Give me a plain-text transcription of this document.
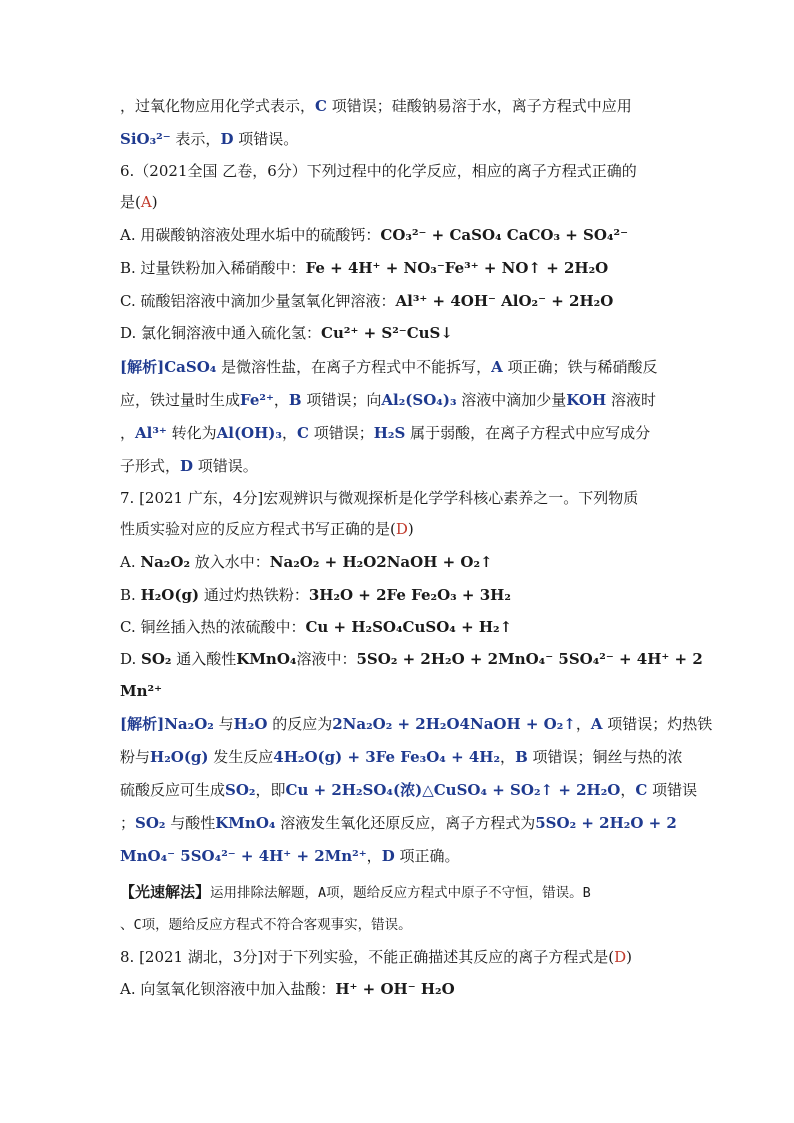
，过氧化物应用化学式表示，C 项错误；硅酸钠易溶于水，离子方程式中应用
SiO₃²⁻ 表示，D 项错误。
6.（2021全国 乙卷，6分）下列过程中的化学反应，相应的离子方程式正确的
是(A)
A. 用碳酸钠溶液处理水垢中的硫酸钙：CO₃²⁻ + CaSO₄ CaCO₃ + SO₄²⁻
B. 过量铁粉加入稀硝酸中：Fe + 4H⁺ + NO₃⁻Fe³⁺ + NO↑ + 2H₂O
C. 硫酸铝溶液中滴加少量氢氧化钾溶液：Al³⁺ + 4OH⁻ AlO₂⁻ + 2H₂O
D. 氯化铜溶液中通入硫化氢：Cu²⁺ + S²⁻CuS↓
[解析]CaSO₄ 是微溶性盐，在离子方程式中不能拆写，A 项正确；铁与稀硝酸反
应，铁过量时生成Fe²⁺，B 项错误；向Al₂(SO₄)₃ 溶液中滴加少量KOH 溶液时
，Al³⁺ 转化为Al(OH)₃，C 项错误；H₂S 属于弱酸，在离子方程式中应写成分
子形式，D 项错误。
7. [2021 广东，4分]宏观辨识与微观探析是化学学科核心素养之一。下列物质
性质实验对应的反应方程式书写正确的是(D)
A. Na₂O₂ 放入水中：Na₂O₂ + H₂O2NaOH + O₂↑
B. H₂O(g) 通过灼热铁粉：3H₂O + 2Fe Fe₂O₃ + 3H₂
C. 铜丝插入热的浓硫酸中：Cu + H₂SO₄CuSO₄ + H₂↑
D. SO₂ 通入酸性KMnO₄溶液中：5SO₂ + 2H₂O + 2MnO₄⁻ 5SO₄²⁻ + 4H⁺ + 2
Mn²⁺
[解析]Na₂O₂ 与H₂O 的反应为2Na₂O₂ + 2H₂O4NaOH + O₂↑，A 项错误；灼热铁
粉与H₂O(g) 发生反应4H₂O(g) + 3Fe Fe₃O₄ + 4H₂，B 项错误；铜丝与热的浓
硫酸反应可生成SO₂，即Cu + 2H₂SO₄(浓)△CuSO₄ + SO₂↑ + 2H₂O，C 项错误
；SO₂ 与酸性KMnO₄ 溶液发生氧化还原反应，离子方程式为5SO₂ + 2H₂O + 2
MnO₄⁻ 5SO₄²⁻ + 4H⁺ + 2Mn²⁺，D 项正确。
【光速解法】运用排除法解题，A项，题给反应方程式中原子不守恒，错误。B
、C项，题给反应方程式不符合客观事实，错误。
8. [2021 湖北，3分]对于下列实验，不能正确描述其反应的离子方程式是(D)
A. 向氢氧化钡溶液中加入盐酸：H⁺ + OH⁻ H₂O
